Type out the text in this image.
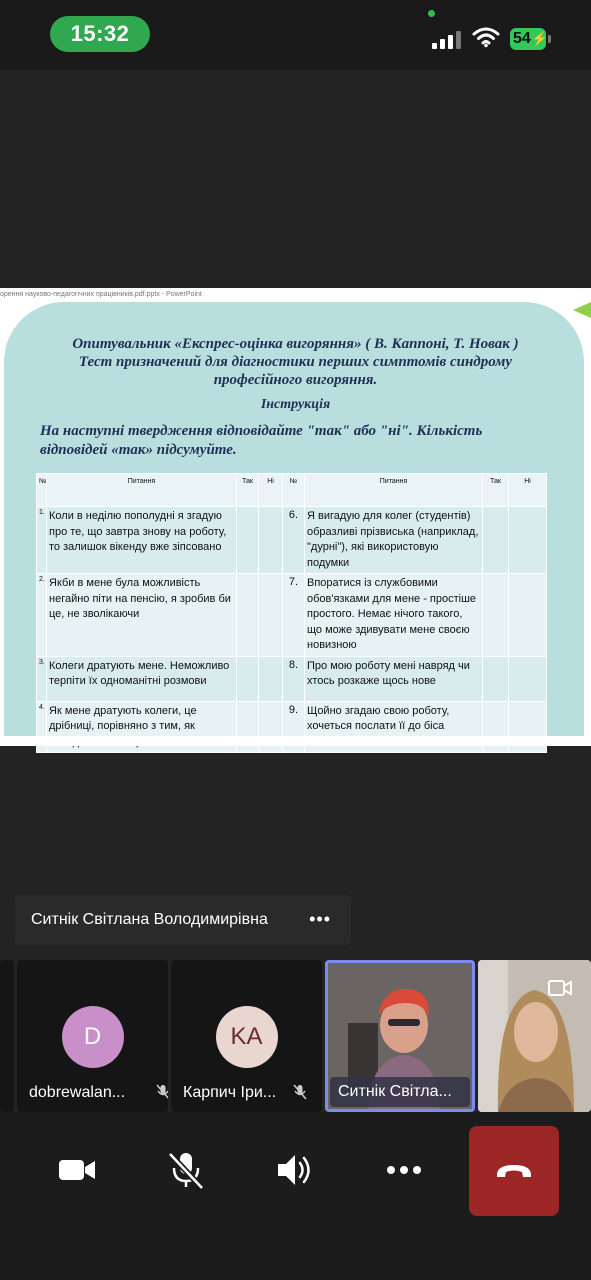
15:32	54 ⚡
орення науково-педагогічних працівників.pdf.pptx - PowerPoint
Опитувальник «Експрес-оцінка вигоряння» ( В. Каппоні, Т. Новак )
Тест призначений для діагностики перших симптомів синдрому
професійного вигоряння.
Інструкція
На наступні твердження відповідайте "так" або "ні". Кількість відповідей «так» підсумуйте.
№	Питання	Так	Ні	№	Питання	Так	Ні
1.	Коли в неділю пополудні я згадую про те, що завтра знову на роботу, то залишок вікенду вже зіпсовано			6.	Я вигадую для колег (студентів) образливі прізвиська (наприклад, "дурні"), які використовую подумки		
2.	Якби в мене була можливість негайно піти на пенсію, я зробив би це, не зволікаючи			7.	Впоратися із службовими обов'язками для мене - простіше простого. Немає нічого такого, що може здивувати мене своєю новизною		
3.	Колеги дратують мене. Неможливо терпіти їх одноманітні розмови			8.	Про мою роботу мені навряд чи хтось розкаже щось нове		
4.	Як мене дратують колеги, це дрібниці, порівняно з тим, як			9.	Щойно згадаю свою роботу, хочеться послати її до біса		
Ситнік Світлана Володимирівна •••
D
dobrewalan...
KA
Карпич Іри...	Ситнік Світла...
